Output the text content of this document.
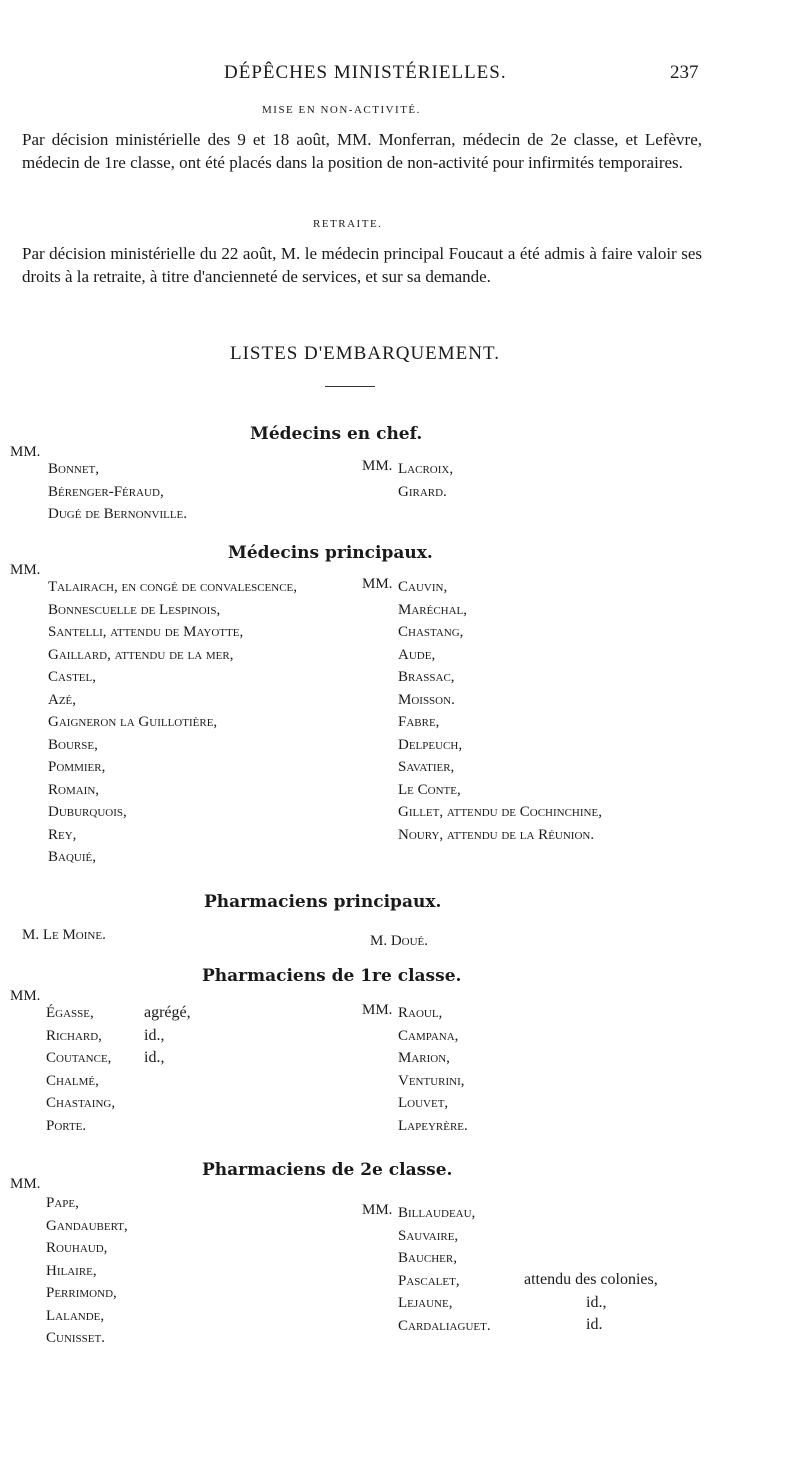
DÉPÊCHES MINISTÉRIELLES.	237
MISE EN NON-ACTIVITÉ.
Par décision ministérielle des 9 et 18 août, MM. Monferran, médecin de 2e classe, et Lefèvre, médecin de 1re classe, ont été placés dans la position de non-activité pour infirmités temporaires.
RETRAITE.
Par décision ministérielle du 22 août, M. le médecin principal Foucaut a été admis à faire valoir ses droits à la retraite, à titre d'ancienneté de services, et sur sa demande.
LISTES D'EMBARQUEMENT.
Médecins en chef.
MM.
Bonnet,
Bérenger-Féraud,
Dugé de Bernonville.
MM. Lacroix,
Girard.
Médecins principaux.
MM.
Talairach, en congé de convalescence,
Bonnescuelle de Lespinois,
Santelli, attendu de Mayotte,
Gaillard, attendu de la mer,
Castel,
Azé,
Gaigneron la Guillotière,
Bourse,
Pommier,
Romain,
Duburquois,
Rey,
Baquié,
MM. Cauvin,
Maréchal,
Chastang,
Aude,
Brassac,
Moisson.
Fabre,
Delpeuch,
Savatier,
Le Conte,
Gillet, attendu de Cochinchine,
Noury, attendu de la Réunion.
Pharmaciens principaux.
M. Le Moine.	M. Doué.
Pharmaciens de 1re classe.
MM.
Égasse,
Richard,
Coutance,
Chalmé,
Chastaing,
Porte.
agrégé,
id.,
id.,
MM. Raoul,
Campana,
Marion,
Venturini,
Louvet,
Lapeyrère.
Pharmaciens de 2e classe.
MM.
Pape,
Gandaubert,
Rouhaud,
Hilaire,
Perrimond,
Lalande,
Cunisset.
MM. Billaudeau,
Sauvaire,
Baucher,
Pascalet,
Lejaune,
Cardaliaguet.
attendu des colonies,
id.,
id.
